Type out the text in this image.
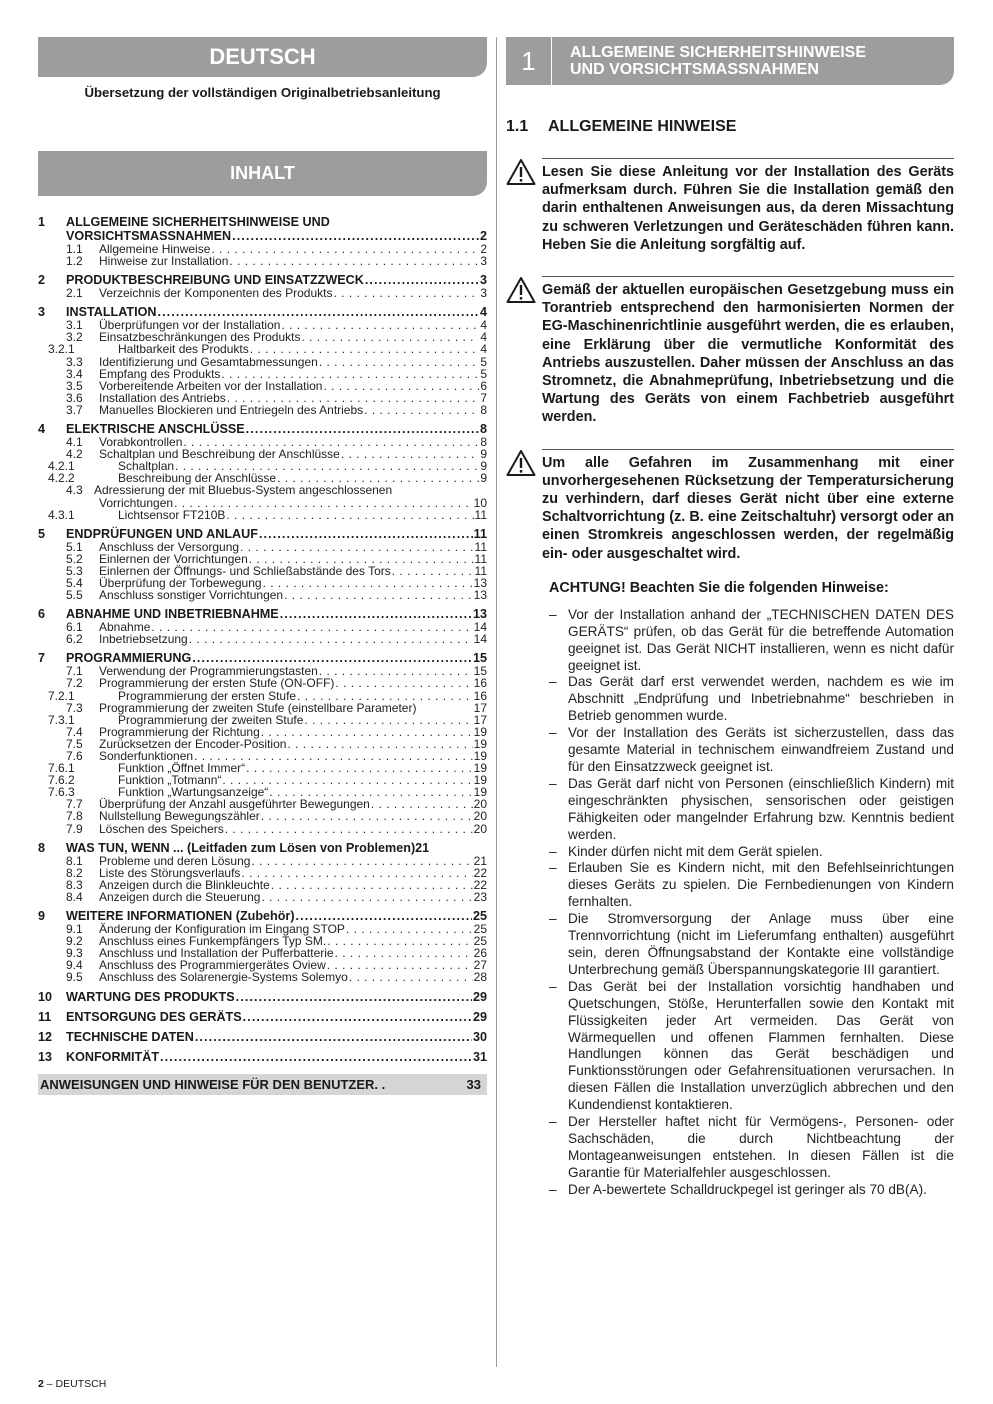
DEUTSCH
Übersetzung der vollständigen Originalbetriebsanleitung
INHALT
1	ALLGEMEINE SICHERHEITSHINWEISE UND
VORSICHTSMASSNAHMEN .....	2
1.1	Allgemeine Hinweise . . .	2
1.2	Hinweise zur Installation . . .	3
2	PRODUKTBESCHREIBUNG UND EINSATZZWECK .....	3
2.1	Verzeichnis der Komponenten des Produkts . . .	3
3	INSTALLATION .....	4
3.1	Überprüfungen vor der Installation . . .	4
3.2	Einsatzbeschränkungen des Produkts . . .	4
3.2.1	Haltbarkeit des Produkts . . .	4
3.3	Identifizierung und Gesamtabmessungen . . .	5
3.4	Empfang des Produkts . . .	5
3.5	Vorbereitende Arbeiten vor der Installation . . .	6
3.6	Installation des Antriebs . . .	7
3.7	Manuelles Blockieren und Entriegeln des Antriebs . . .	8
4	ELEKTRISCHE ANSCHLÜSSE .....	8
4.1	Vorabkontrollen . . .	8
4.2	Schaltplan und Beschreibung der Anschlüsse . . .	9
4.2.1	Schaltplan . . .	9
4.2.2	Beschreibung der Anschlüsse . . .	9
4.3 Adressierung der mit Bluebus-System angeschlossenen
Vorrichtungen . . .	10
4.3.1	Lichtsensor FT210B . . .	11
5	ENDPRÜFUNGEN UND ANLAUF .....	11
5.1	Anschluss der Versorgung . . .	11
5.2	Einlernen der Vorrichtungen . . .	11
5.3	Einlernen der Öffnungs- und Schließabstände des Tors . . .	11
5.4	Überprüfung der Torbewegung . . .	13
5.5	Anschluss sonstiger Vorrichtungen . . .	13
6	ABNAHME UND INBETRIEBNAHME .....	13
6.1	Abnahme . . .	14
6.2	Inbetriebsetzung . . .	14
7	PROGRAMMIERUNG .....	15
7.1	Verwendung der Programmierungstasten . . .	15
7.2	Programmierung der ersten Stufe (ON-OFF) . . .	16
7.2.1	Programmierung der ersten Stufe . . .	16
7.3	Programmierung der zweiten Stufe (einstellbare Parameter)	17
7.3.1	Programmierung der zweiten Stufe . . .	17
7.4	Programmierung der Richtung . . .	19
7.5	Zurücksetzen der Encoder-Position . . .	19
7.6	Sonderfunktionen . . .	19
7.6.1	Funktion „Öffnet Immer“ . . .	19
7.6.2	Funktion „Totmann“ . . .	19
7.6.3	Funktion „Wartungsanzeige“ . . .	19
7.7	Überprüfung der Anzahl ausgeführter Bewegungen . . .	20
7.8	Nullstellung Bewegungszähler . . .	20
7.9	Löschen des Speichers . . .	20
8	WAS TUN, WENN ... (Leitfaden zum Lösen von Problemen) 21
8.1	Probleme und deren Lösung . . .	21
8.2	Liste des Störungsverlaufs . . .	22
8.3	Anzeigen durch die Blinkleuchte . . .	22
8.4	Anzeigen durch die Steuerung . . .	23
9	WEITERE INFORMATIONEN (Zubehör) .....	25
9.1	Änderung der Konfiguration im Eingang STOP . . .	25
9.2	Anschluss eines Funkempfängers Typ SM. . . .	25
9.3	Anschluss und Installation der Pufferbatterie . . .	26
9.4	Anschluss des Programmiergerätes Oview . . .	27
9.5	Anschluss des Solarenergie-Systems Solemyo . . .	28
10	WARTUNG DES PRODUKTS .....	29
11	ENTSORGUNG DES GERÄTS .....	29
12	TECHNISCHE DATEN .....	30
13	KONFORMITÄT .....	31
ANWEISUNGEN UND HINWEISE FÜR DEN BENUTZER. .	33
1	ALLGEMEINE SICHERHEITSHINWEISE
UND VORSICHTSMASSNAHMEN
1.1	ALLGEMEINE HINWEISE
Lesen Sie diese Anleitung vor der Installation des Geräts aufmerksam durch. Führen Sie die Installation gemäß den darin enthaltenen Anweisungen aus, da deren Missachtung zu schweren Verletzungen und Geräteschäden führen kann. Heben Sie die Anleitung sorgfältig auf.
Gemäß der aktuellen europäischen Gesetzgebung muss ein Torantrieb entsprechend den harmonisierten Normen der EG-Maschinenrichtlinie ausgeführt werden, die es erlauben, eine Erklärung über die vermutliche Konformität des Antriebs auszustellen. Daher müssen der Anschluss an das Stromnetz, die Abnahmeprüfung, Inbetriebsetzung und die Wartung des Geräts von einem Fachbetrieb ausgeführt werden.
Um alle Gefahren im Zusammenhang mit einer unvorhergesehenen Rücksetzung der Temperatursicherung zu verhindern, darf dieses Gerät nicht über eine externe Schaltvorrichtung (z. B. eine Zeitschaltuhr) versorgt oder an einen Stromkreis angeschlossen werden, der regelmäßig ein- oder ausgeschaltet wird.
ACHTUNG! Beachten Sie die folgenden Hinweise:
– Vor der Installation anhand der „TECHNISCHEN DATEN DES GERÄTS“ prüfen, ob das Gerät für die betreffende Automation geeignet ist. Das Gerät NICHT installieren, wenn es nicht dafür geeignet ist.
– Das Gerät darf erst verwendet werden, nachdem es wie im Abschnitt „Endprüfung und Inbetriebnahme“ beschrieben in Betrieb genommen wurde.
– Vor der Installation des Geräts ist sicherzustellen, dass das gesamte Material in technischem einwandfreiem Zustand und für den Einsatzzweck geeignet ist.
– Das Gerät darf nicht von Personen (einschließlich Kindern) mit eingeschränkten physischen, sensorischen oder geistigen Fähigkeiten oder mangelnder Erfahrung bzw. Kenntnis bedient werden.
– Kinder dürfen nicht mit dem Gerät spielen.
– Erlauben Sie es Kindern nicht, mit den Befehlseinrichtungen dieses Geräts zu spielen. Die Fernbedienungen von Kindern fernhalten.
– Die Stromversorgung der Anlage muss über eine Trennvorrichtung (nicht im Lieferumfang enthalten) ausgeführt sein, deren Öffnungsabstand der Kontakte eine vollständige Unterbrechung gemäß Überspannungskategorie III garantiert.
– Das Gerät bei der Installation vorsichtig handhaben und Quetschungen, Stöße, Herunterfallen sowie den Kontakt mit Flüssigkeiten jeder Art vermeiden. Das Gerät von Wärmequellen und offenen Flammen fernhalten. Diese Handlungen können das Gerät beschädigen und Funktionsstörungen oder Gefahrensituationen verursachen. In diesen Fällen die Installation unverzüglich abbrechen und den Kundendienst kontaktieren.
– Der Hersteller haftet nicht für Vermögens-, Personen- oder Sachschäden, die durch Nichtbeachtung der Montageanweisungen entstehen. In diesen Fällen ist die Garantie für Materialfehler ausgeschlossen.
– Der A-bewertete Schalldruckpegel ist geringer als 70 dB(A).
2 – DEUTSCH
